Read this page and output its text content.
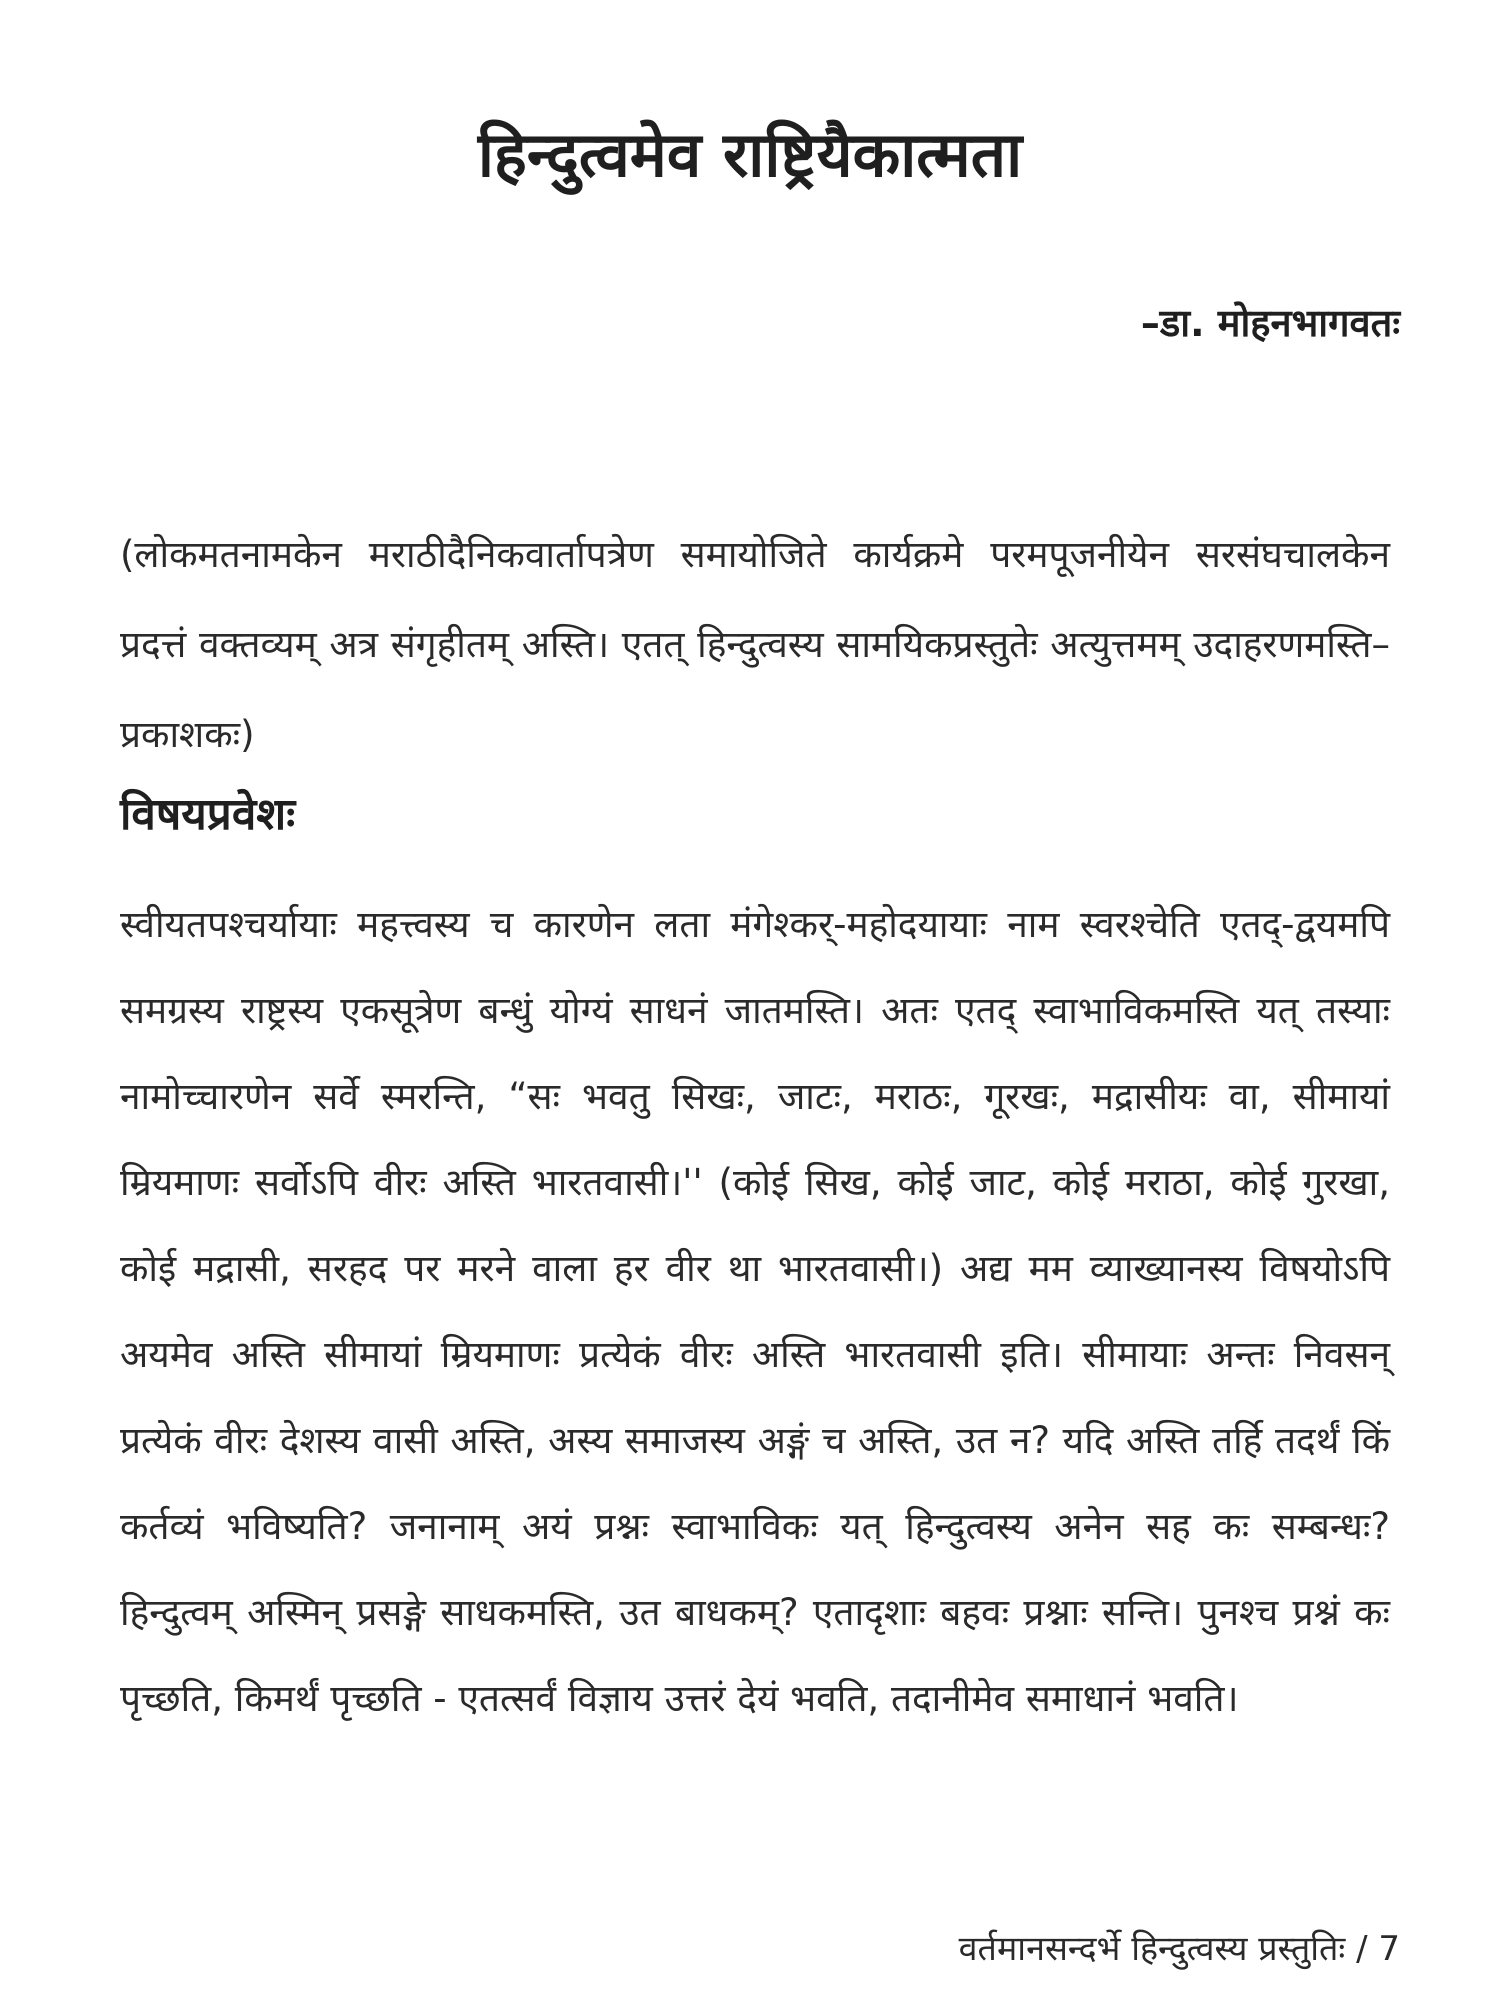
हिन्दुत्वमेव राष्ट्रियैकात्मता
–डा. मोहनभागवतः
(लोकमतनामकेन मराठीदैनिकवार्तापत्रेण समायोजिते कार्यक्रमे परमपूजनीयेन सरसंघचालकेन प्रदत्तं वक्तव्यम् अत्र संगृहीतम् अस्ति। एतत् हिन्दुत्वस्य सामयिकप्रस्तुतेः अत्युत्तमम् उदाहरणमस्ति–प्रकाशकः)
विषयप्रवेशः
स्वीयतपश्चर्यायाः महत्त्वस्य च कारणेन लता मंगेश्कर्-महोदयायाः नाम स्वरश्चेति एतद्-द्वयमपि समग्रस्य राष्ट्रस्य एकसूत्रेण बन्धुं योग्यं साधनं जातमस्ति। अतः एतद् स्वाभाविकमस्ति यत् तस्याः नामोच्चारणेन सर्वे स्मरन्ति, “सः भवतु सिखः, जाटः, मराठः, गूरखः, मद्रासीयः वा, सीमायां म्रियमाणः सर्वोऽपि वीरः अस्ति भारतवासी।'' (कोई सिख, कोई जाट, कोई मराठा, कोई गुरखा, कोई मद्रासी, सरहद पर मरने वाला हर वीर था भारतवासी।) अद्य मम व्याख्यानस्य विषयोऽपि अयमेव अस्ति सीमायां म्रियमाणः प्रत्येकं वीरः अस्ति भारतवासी इति। सीमायाः अन्तः निवसन् प्रत्येकं वीरः देशस्य वासी अस्ति, अस्य समाजस्य अङ्गं च अस्ति, उत न? यदि अस्ति तर्हि तदर्थं किं कर्तव्यं भविष्यति? जनानाम् अयं प्रश्नः स्वाभाविकः यत् हिन्दुत्वस्य अनेन सह कः सम्बन्धः? हिन्दुत्वम् अस्मिन् प्रसङ्गे साधकमस्ति, उत बाधकम्? एतादृशाः बहवः प्रश्नाः सन्ति। पुनश्च प्रश्नं कः पृच्छति, किमर्थं पृच्छति - एतत्सर्वं विज्ञाय उत्तरं देयं भवति, तदानीमेव समाधानं भवति।
वर्तमानसन्दर्भे हिन्दुत्वस्य प्रस्तुतिः / 7
